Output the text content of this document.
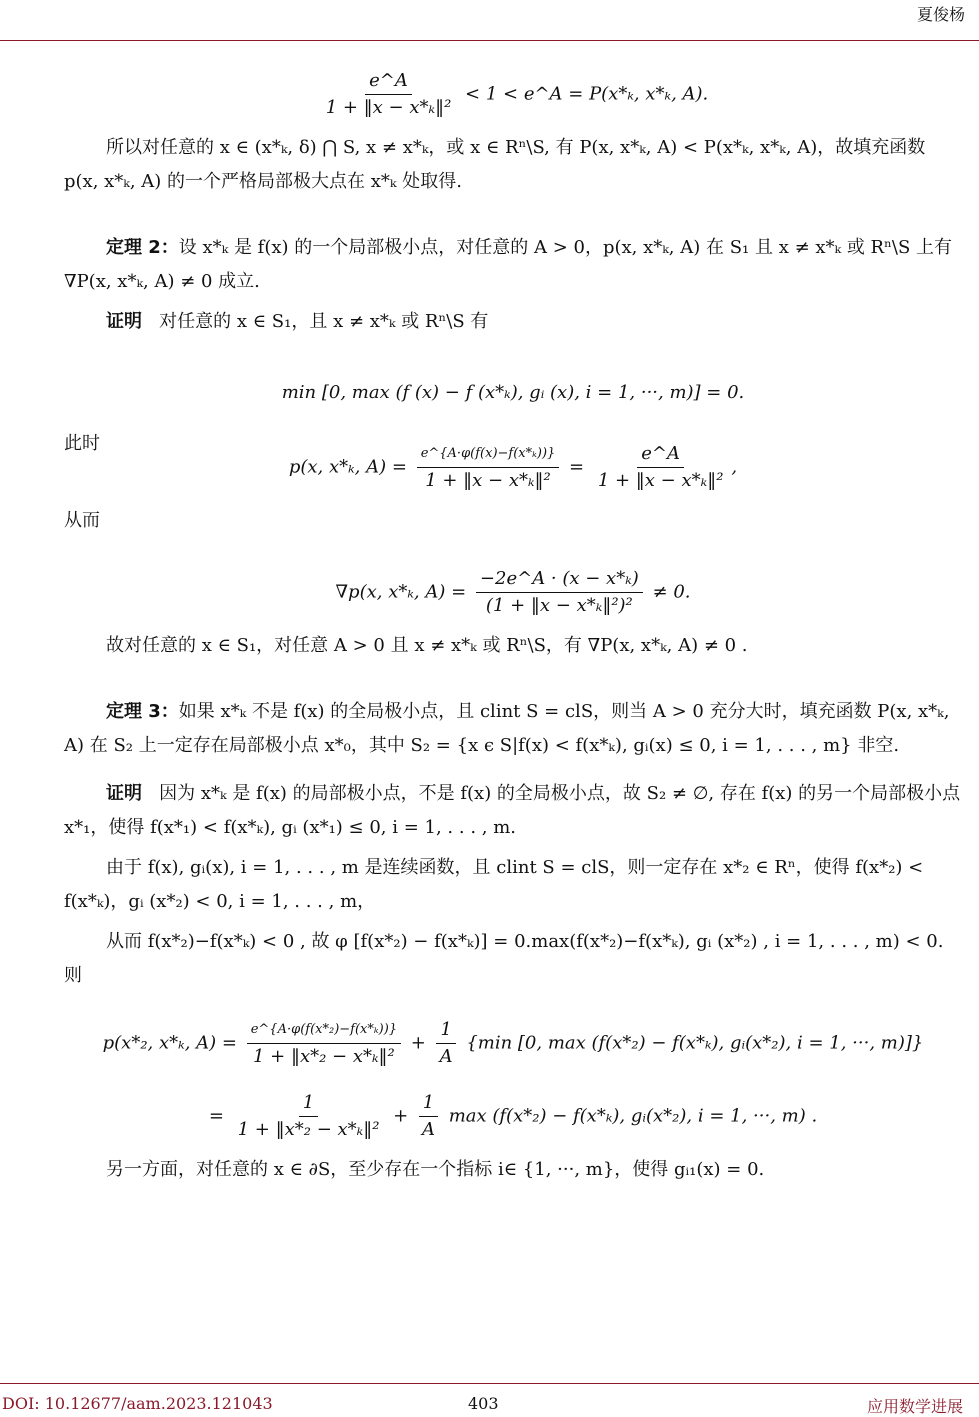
夏俊杨
$\frac{e\^{}A}{\text{1 + ‖x − x*ₖ‖²}} < 1$ < e^A = P(x*ₖ, x*ₖ, A).

所以对任意的 x ∈ (x*ₖ, δ) ⋂ S, x ≠ x*ₖ，或 x ∈ Rⁿ\S, 有 P(x, x*ₖ, A) < P(x*ₖ, x*ₖ, A)，故填充函数 p(x, x*ₖ, A) 的一个严格局部极大点在 x*ₖ 处取得.

定理 2：设 x*ₖ 是 f(x) 的一个局部极小点，对任意的 A > 0，p(x, x*ₖ, A) 在 S₁ 且 x ≠ x*ₖ 或 Rⁿ\S 上有 ∇P(x, x*ₖ, A) ≠ 0 成立.

证明 对任意的 x ∈ S₁，且 x ≠ x*ₖ 或 Rⁿ\S 有

min [0, max (f (x) − f (x*ₖ), gᵢ (x), i = 1, ···, m)] = 0.

此时

p(x, x*ₖ, $A) = \frac{\text{e\textasciicircum{}\{A·φ(f(x)−f(x*ₖ))\}}}{\text{1 + ‖x − x*ₖ‖²}} = \frac{e\^{}A}{\text{1 + ‖x − x*ₖ‖²}}$ ,

从而

∇p(x, x*ₖ, $A) = \frac{\text{−2e\textasciicircum{}A · (x − x*ₖ)}}{\text{(1 + ‖x − x*ₖ‖²)²}} \ne 0$.

故对任意的 x ∈ S₁，对任意 A > 0 且 x ≠ x*ₖ 或 Rⁿ\S，有 ∇P(x, x*ₖ, A) ≠ 0 .

定理 3：如果 x*ₖ 不是 f(x) 的全局极小点，且 clint S = clS，则当 A > 0 充分大时，填充函数 P(x, x*ₖ, A) 在 S₂ 上一定存在局部极小点 x*₀，其中 S₂ = {x ϵ S|f(x) < f(x*ₖ), gᵢ(x) ≤ 0, i = 1, . . . , m} 非空.

证明 因为 x*ₖ 是 f(x) 的局部极小点，不是 f(x) 的全局极小点，故 S₂ ≠ ∅, 存在 f(x) 的另一个局部极小点 x*₁，使得 f(x*₁) < f(x*ₖ), gᵢ (x*₁) ≤ 0, i = 1, . . . , m.

由于 f(x), gᵢ(x), i = 1, . . . , m 是连续函数，且 clint S = clS，则一定存在 x*₂ ∈ Rⁿ，使得 f(x*₂) < f(x*ₖ)，gᵢ (x*₂) < 0, i = 1, . . . , m，

从而 f(x*₂)−f(x*ₖ) < 0 , 故 φ [f(x*₂) − f(x*ₖ)] = 0.max(f(x*₂)−f(x*ₖ), gᵢ (x*₂) , i = 1, . . . , m) < 0. 则

p(x*₂, x*ₖ, $A) = \frac{\text{e\textasciicircum{}\{A·φ(f(x*₂)−f(x*ₖ))\}}}{\text{1 + ‖x*₂ − x*ₖ‖²}} + \frac{1}{A} \{\min$ [0, max (f(x*₂) − f(x*ₖ), gᵢ(x*₂), i = 1, ···, m)]}
= $\frac{1}{\text{1 + ‖x*₂ − x*ₖ‖²}} + \frac{1}{A}$ max (f(x*₂) − f(x*ₖ), gᵢ(x*₂), i = 1, ···, m) .

另一方面，对任意的 x ∈ ∂S，至少存在一个指标 i∈ {1, ···, m}，使得 gᵢ₁(x) = 0.

DOI: 10.12677/aam.2023.121043	403	应用数学进展
